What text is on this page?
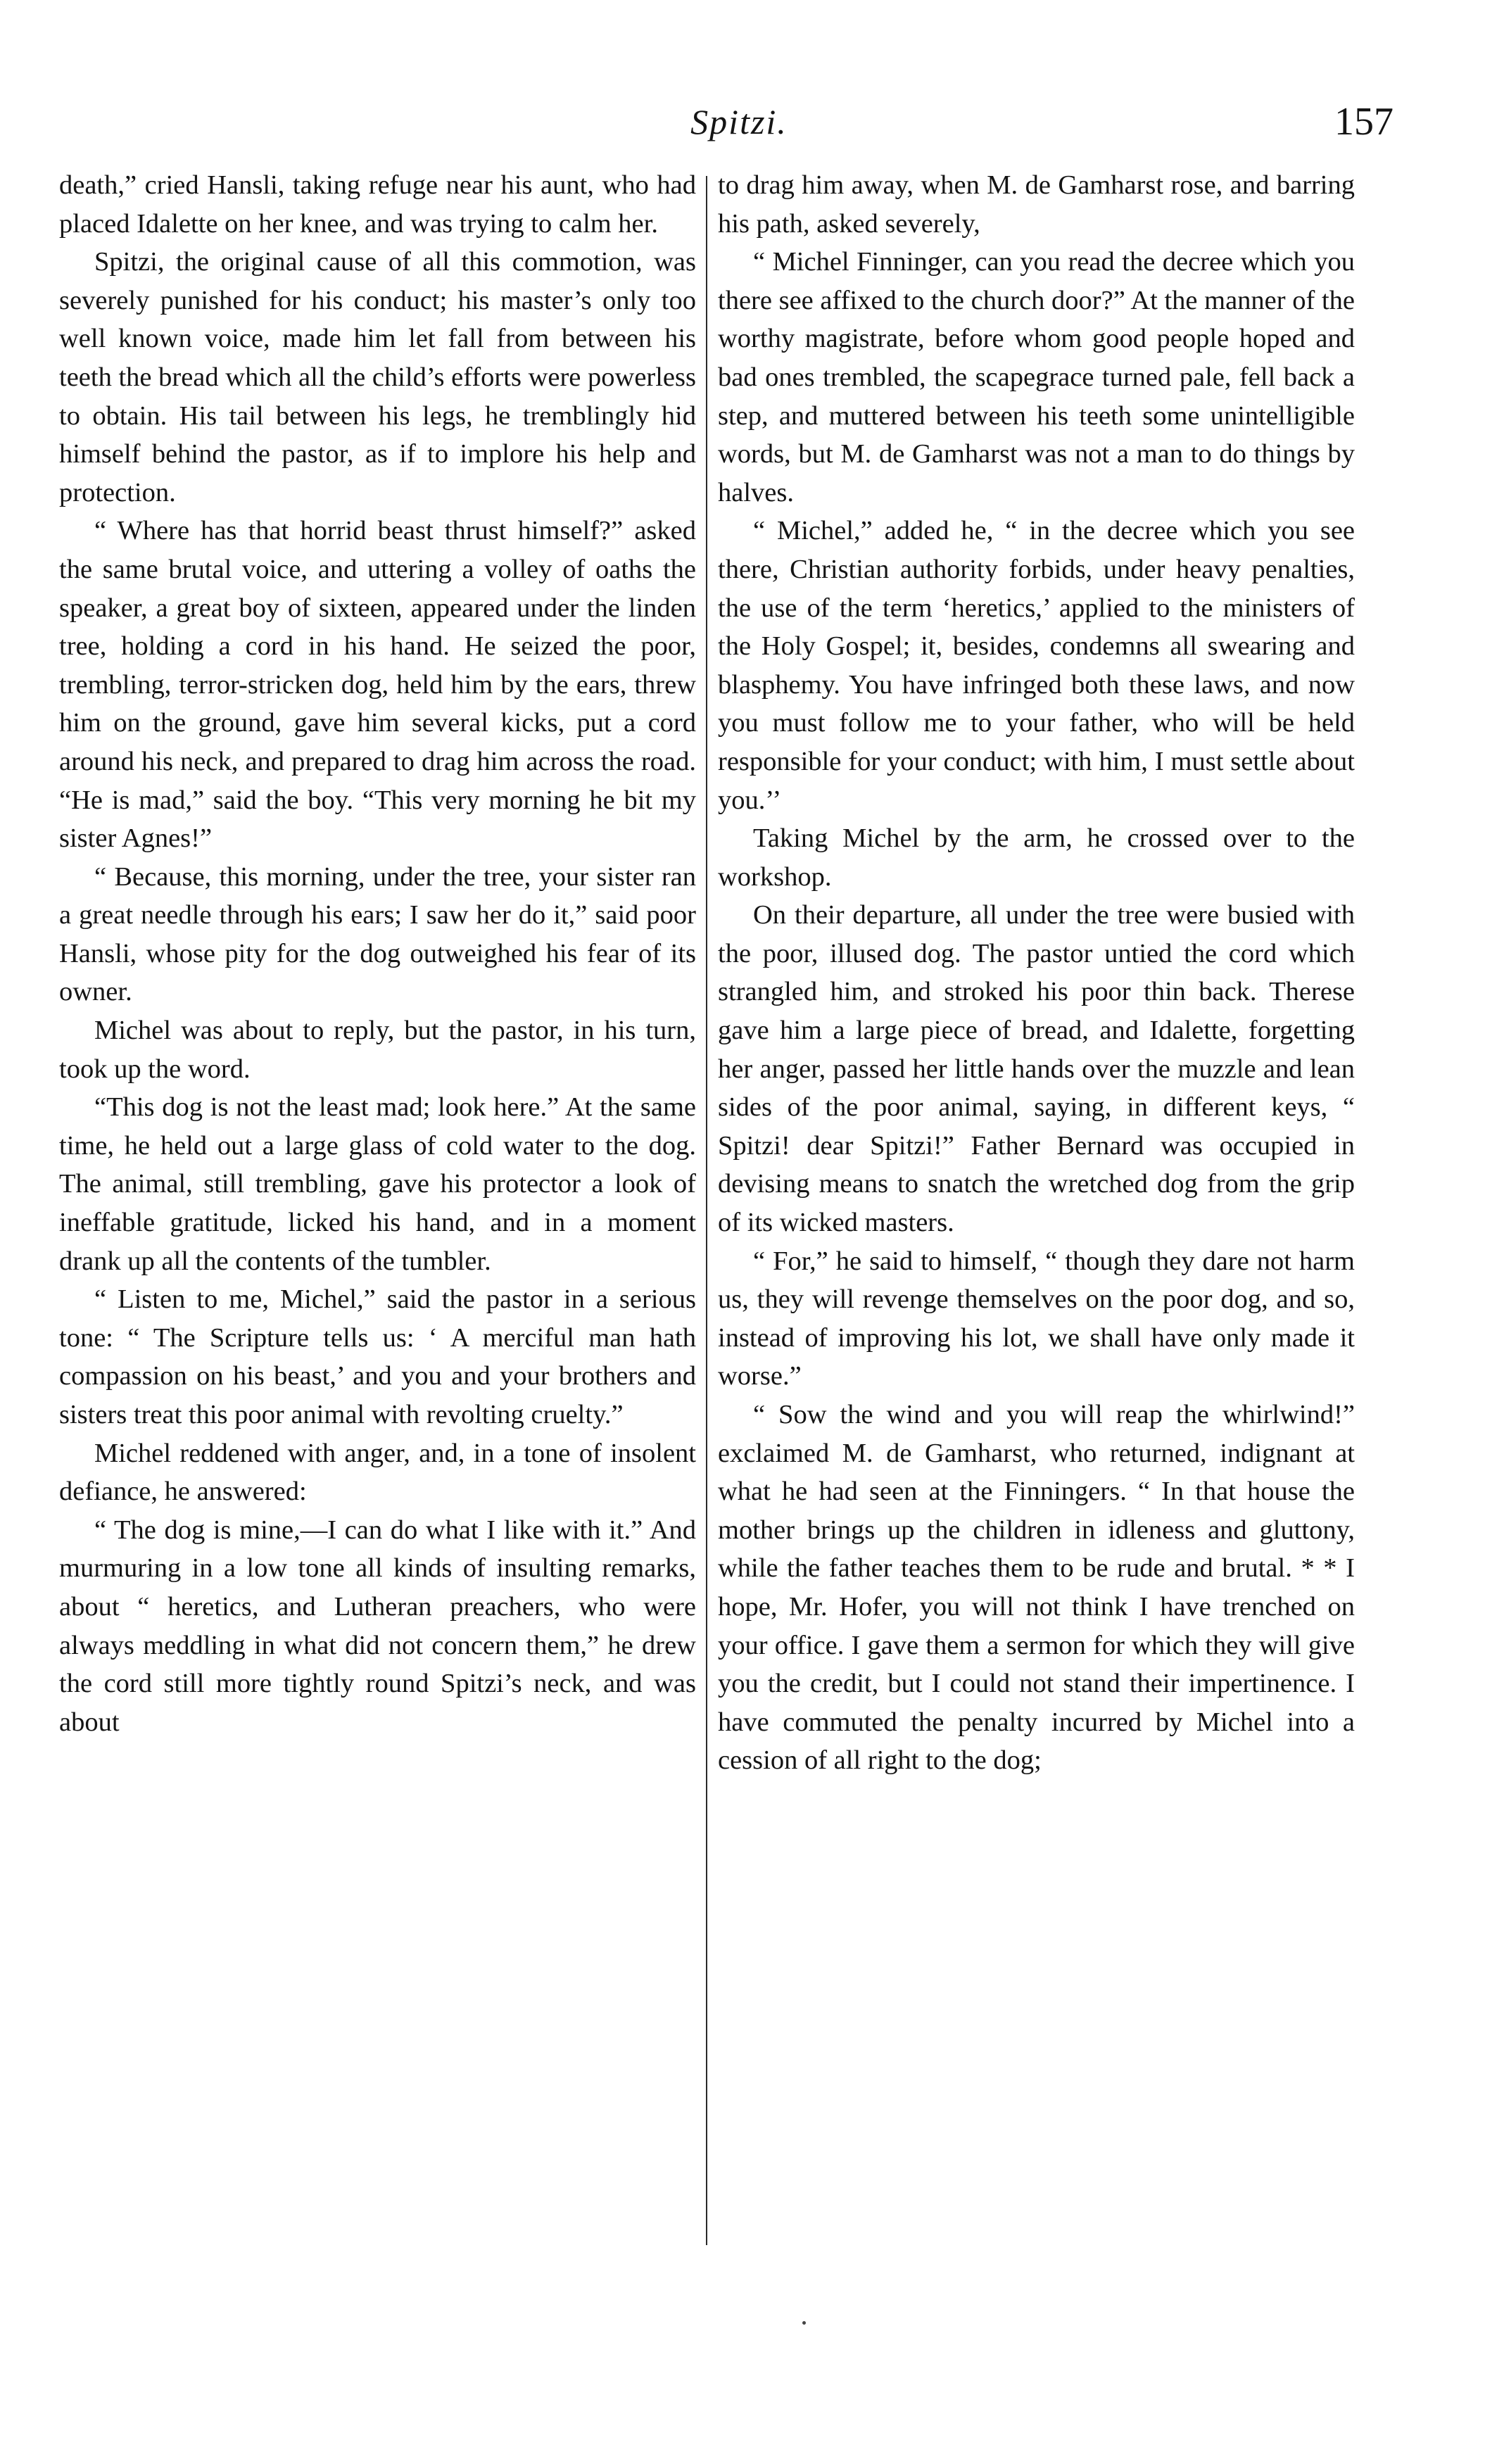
Spitzi.	157

death,” cried Hansli, taking refuge near his aunt, who had placed Idalette on her knee, and was trying to calm her.

Spitzi, the original cause of all this commotion, was severely punished for his conduct; his master’s only too well known voice, made him let fall from between his teeth the bread which all the child’s efforts were powerless to obtain. His tail between his legs, he tremblingly hid himself behind the pastor, as if to implore his help and protection.

“ Where has that horrid beast thrust himself?” asked the same brutal voice, and uttering a volley of oaths the speaker, a great boy of sixteen, appeared under the linden tree, holding a cord in his hand. He seized the poor, trembling, terror-stricken dog, held him by the ears, threw him on the ground, gave him several kicks, put a cord around his neck, and prepared to drag him across the road. “He is mad,” said the boy. “This very morning he bit my sister Agnes!”

“ Because, this morning, under the tree, your sister ran a great needle through his ears; I saw her do it,” said poor Hansli, whose pity for the dog outweighed his fear of its owner.

Michel was about to reply, but the pastor, in his turn, took up the word.

“This dog is not the least mad; look here.” At the same time, he held out a large glass of cold water to the dog. The animal, still trembling, gave his protector a look of ineffable gratitude, licked his hand, and in a moment drank up all the contents of the tumbler.

“ Listen to me, Michel,” said the pastor in a serious tone: “ The Scripture tells us: ‘ A merciful man hath compassion on his beast,’ and you and your brothers and sisters treat this poor animal with revolting cruelty.”

Michel reddened with anger, and, in a tone of insolent defiance, he answered:

“ The dog is mine,—I can do what I like with it.” And murmuring in a low tone all kinds of insulting remarks, about “ heretics, and Lutheran preachers, who were always meddling in what did not concern them,” he drew the cord still more tightly round Spitzi’s neck, and was about

to drag him away, when M. de Gamharst rose, and barring his path, asked severely,

“ Michel Finninger, can you read the decree which you there see affixed to the church door?” At the manner of the worthy magistrate, before whom good people hoped and bad ones trembled, the scapegrace turned pale, fell back a step, and muttered between his teeth some unintelligible words, but M. de Gamharst was not a man to do things by halves.

“ Michel,” added he, “ in the decree which you see there, Christian authority forbids, under heavy penalties, the use of the term ‘heretics,’ applied to the ministers of the Holy Gospel; it, besides, condemns all swearing and blasphemy. You have infringed both these laws, and now you must follow me to your father, who will be held responsible for your conduct; with him, I must settle about you.’’

Taking Michel by the arm, he crossed over to the workshop.

On their departure, all under the tree were busied with the poor, illused dog. The pastor untied the cord which strangled him, and stroked his poor thin back. Therese gave him a large piece of bread, and Idalette, forgetting her anger, passed her little hands over the muzzle and lean sides of the poor animal, saying, in different keys, “ Spitzi! dear Spitzi!” Father Bernard was occupied in devising means to snatch the wretched dog from the grip of its wicked masters.

“ For,” he said to himself, “ though they dare not harm us, they will revenge themselves on the poor dog, and so, instead of improving his lot, we shall have only made it worse.”

“ Sow the wind and you will reap the whirlwind!” exclaimed M. de Gamharst, who returned, indignant at what he had seen at the Finningers. “ In that house the mother brings up the children in idleness and gluttony, while the father teaches them to be rude and brutal. * * I hope, Mr. Hofer, you will not think I have trenched on your office. I gave them a sermon for which they will give you the credit, but I could not stand their impertinence. I have commuted the penalty incurred by Michel into a cession of all right to the dog;
